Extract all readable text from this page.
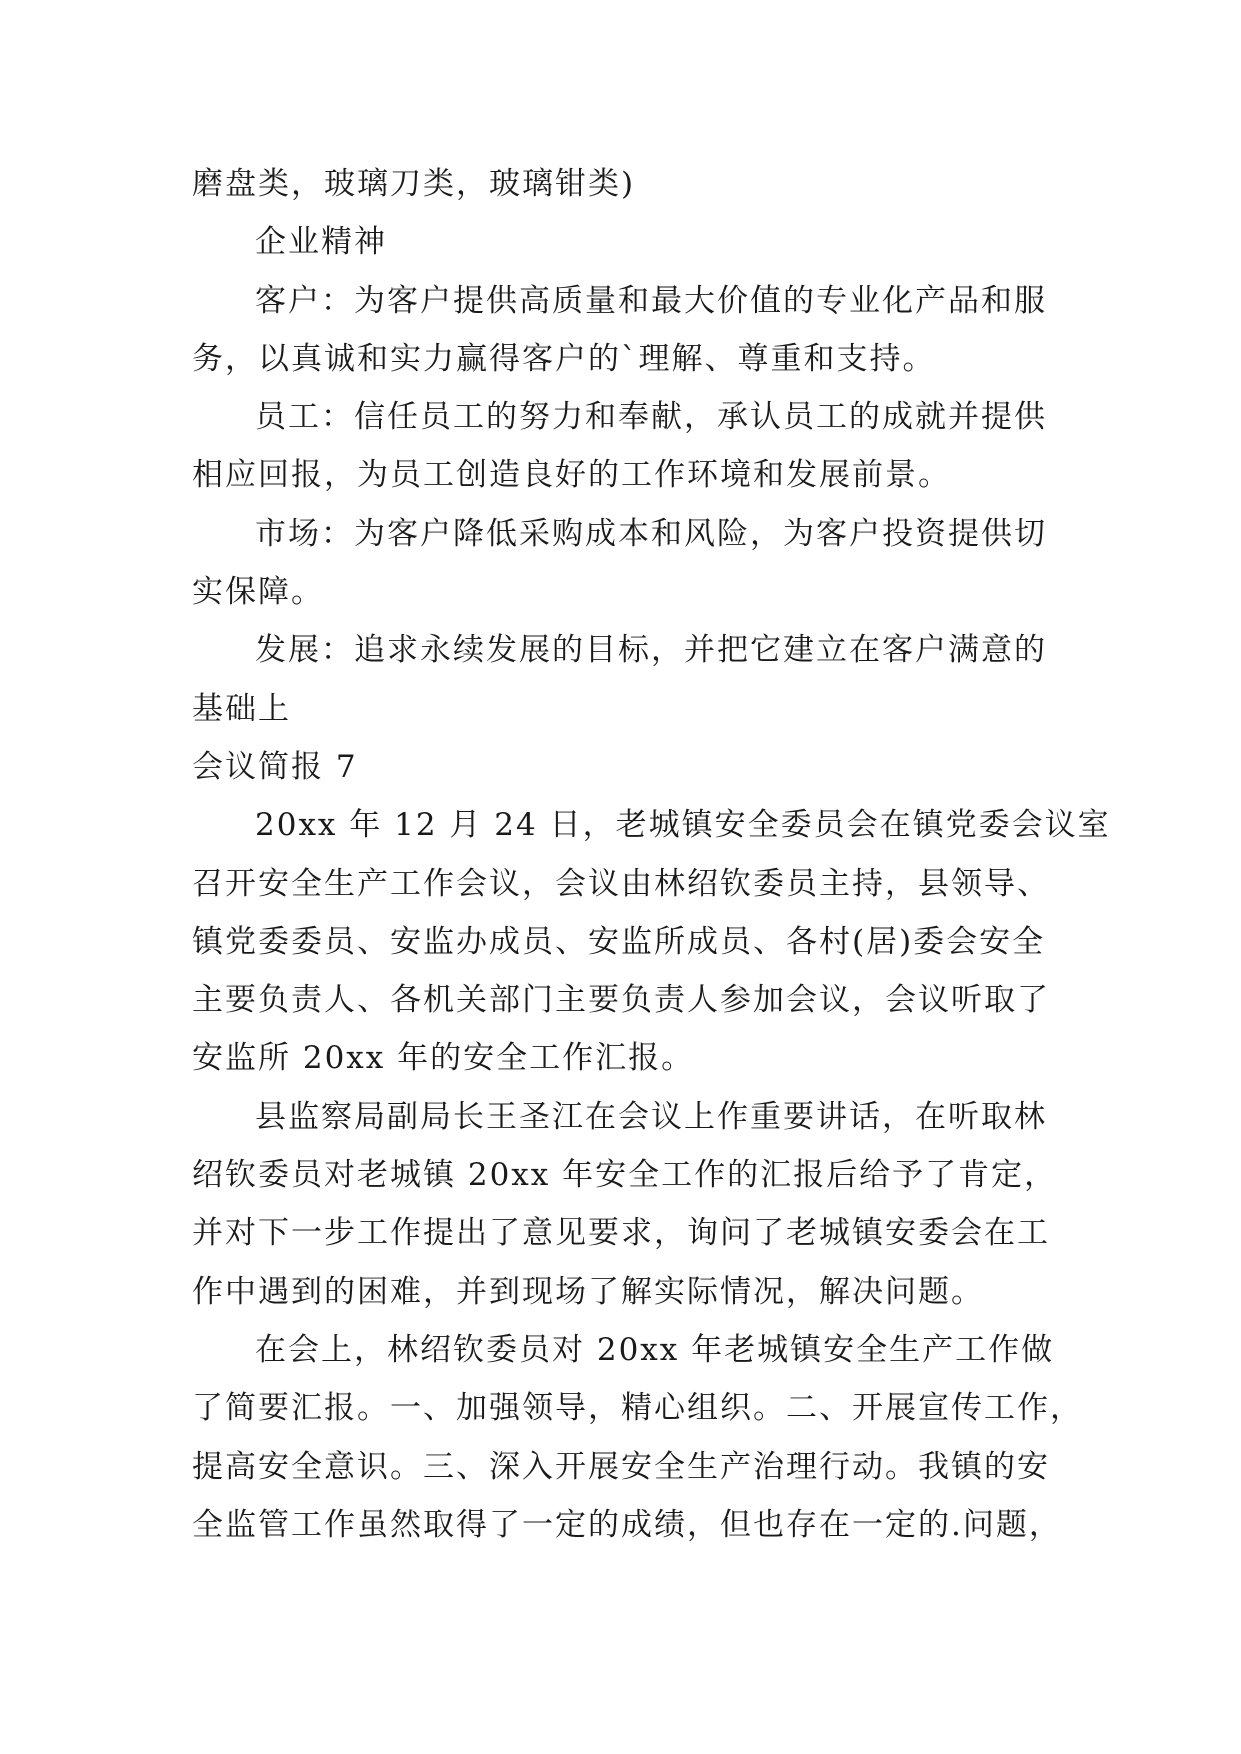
磨盘类，玻璃刀类，玻璃钳类)
企业精神
客户：为客户提供高质量和最大价值的专业化产品和服
务，以真诚和实力赢得客户的`理解、尊重和支持。
员工：信任员工的努力和奉献，承认员工的成就并提供
相应回报，为员工创造良好的工作环境和发展前景。
市场：为客户降低采购成本和风险，为客户投资提供切
实保障。
发展：追求永续发展的目标，并把它建立在客户满意的
基础上
会议简报 7
20xx 年 12 月 24 日，老城镇安全委员会在镇党委会议室
召开安全生产工作会议，会议由林绍钦委员主持，县领导、
镇党委委员、安监办成员、安监所成员、各村(居)委会安全
主要负责人、各机关部门主要负责人参加会议，会议听取了
安监所 20xx 年的安全工作汇报。
县监察局副局长王圣江在会议上作重要讲话，在听取林
绍钦委员对老城镇 20xx 年安全工作的汇报后给予了肯定，
并对下一步工作提出了意见要求，询问了老城镇安委会在工
作中遇到的困难，并到现场了解实际情况，解决问题。
在会上，林绍钦委员对 20xx 年老城镇安全生产工作做
了简要汇报。一、加强领导，精心组织。二、开展宣传工作，
提高安全意识。三、深入开展安全生产治理行动。我镇的安
全监管工作虽然取得了一定的成绩，但也存在一定的.问题，
